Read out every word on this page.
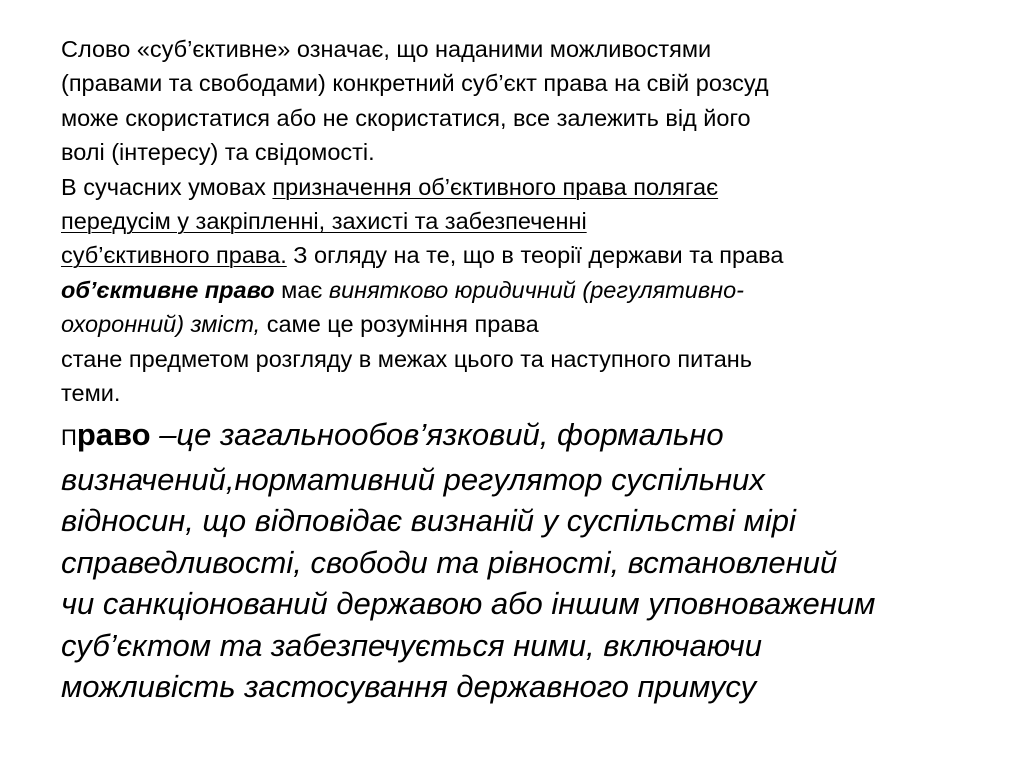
Слово «суб’єктивне» означає, що наданими можливостями
(правами та свободами) конкретний суб’єкт права на свій розсуд
може скористатися або не скористатися, все залежить від його
волі (інтересу) та свідомості.
В сучасних умовах призначення об’єктивного права полягає
передусім у закріпленні, захисті та забезпеченні
суб’єктивного права. З огляду на те, що в теорії держави та права
об’єктивне право має винятково юридичний (регулятивно-
охоронний) зміст, саме це розуміння права
стане предметом розгляду в межах цього та наступного питань
теми.
Право –це загальнообов’язковий, формально
визначений,нормативний регулятор суспільних
відносин, що відповідає визнаній у суспільстві мірі
справедливості, свободи та рівності, встановлений
чи санкціонований державою або іншим уповноваженим
суб’єктом та забезпечується ними, включаючи
можливість застосування державного примусу
